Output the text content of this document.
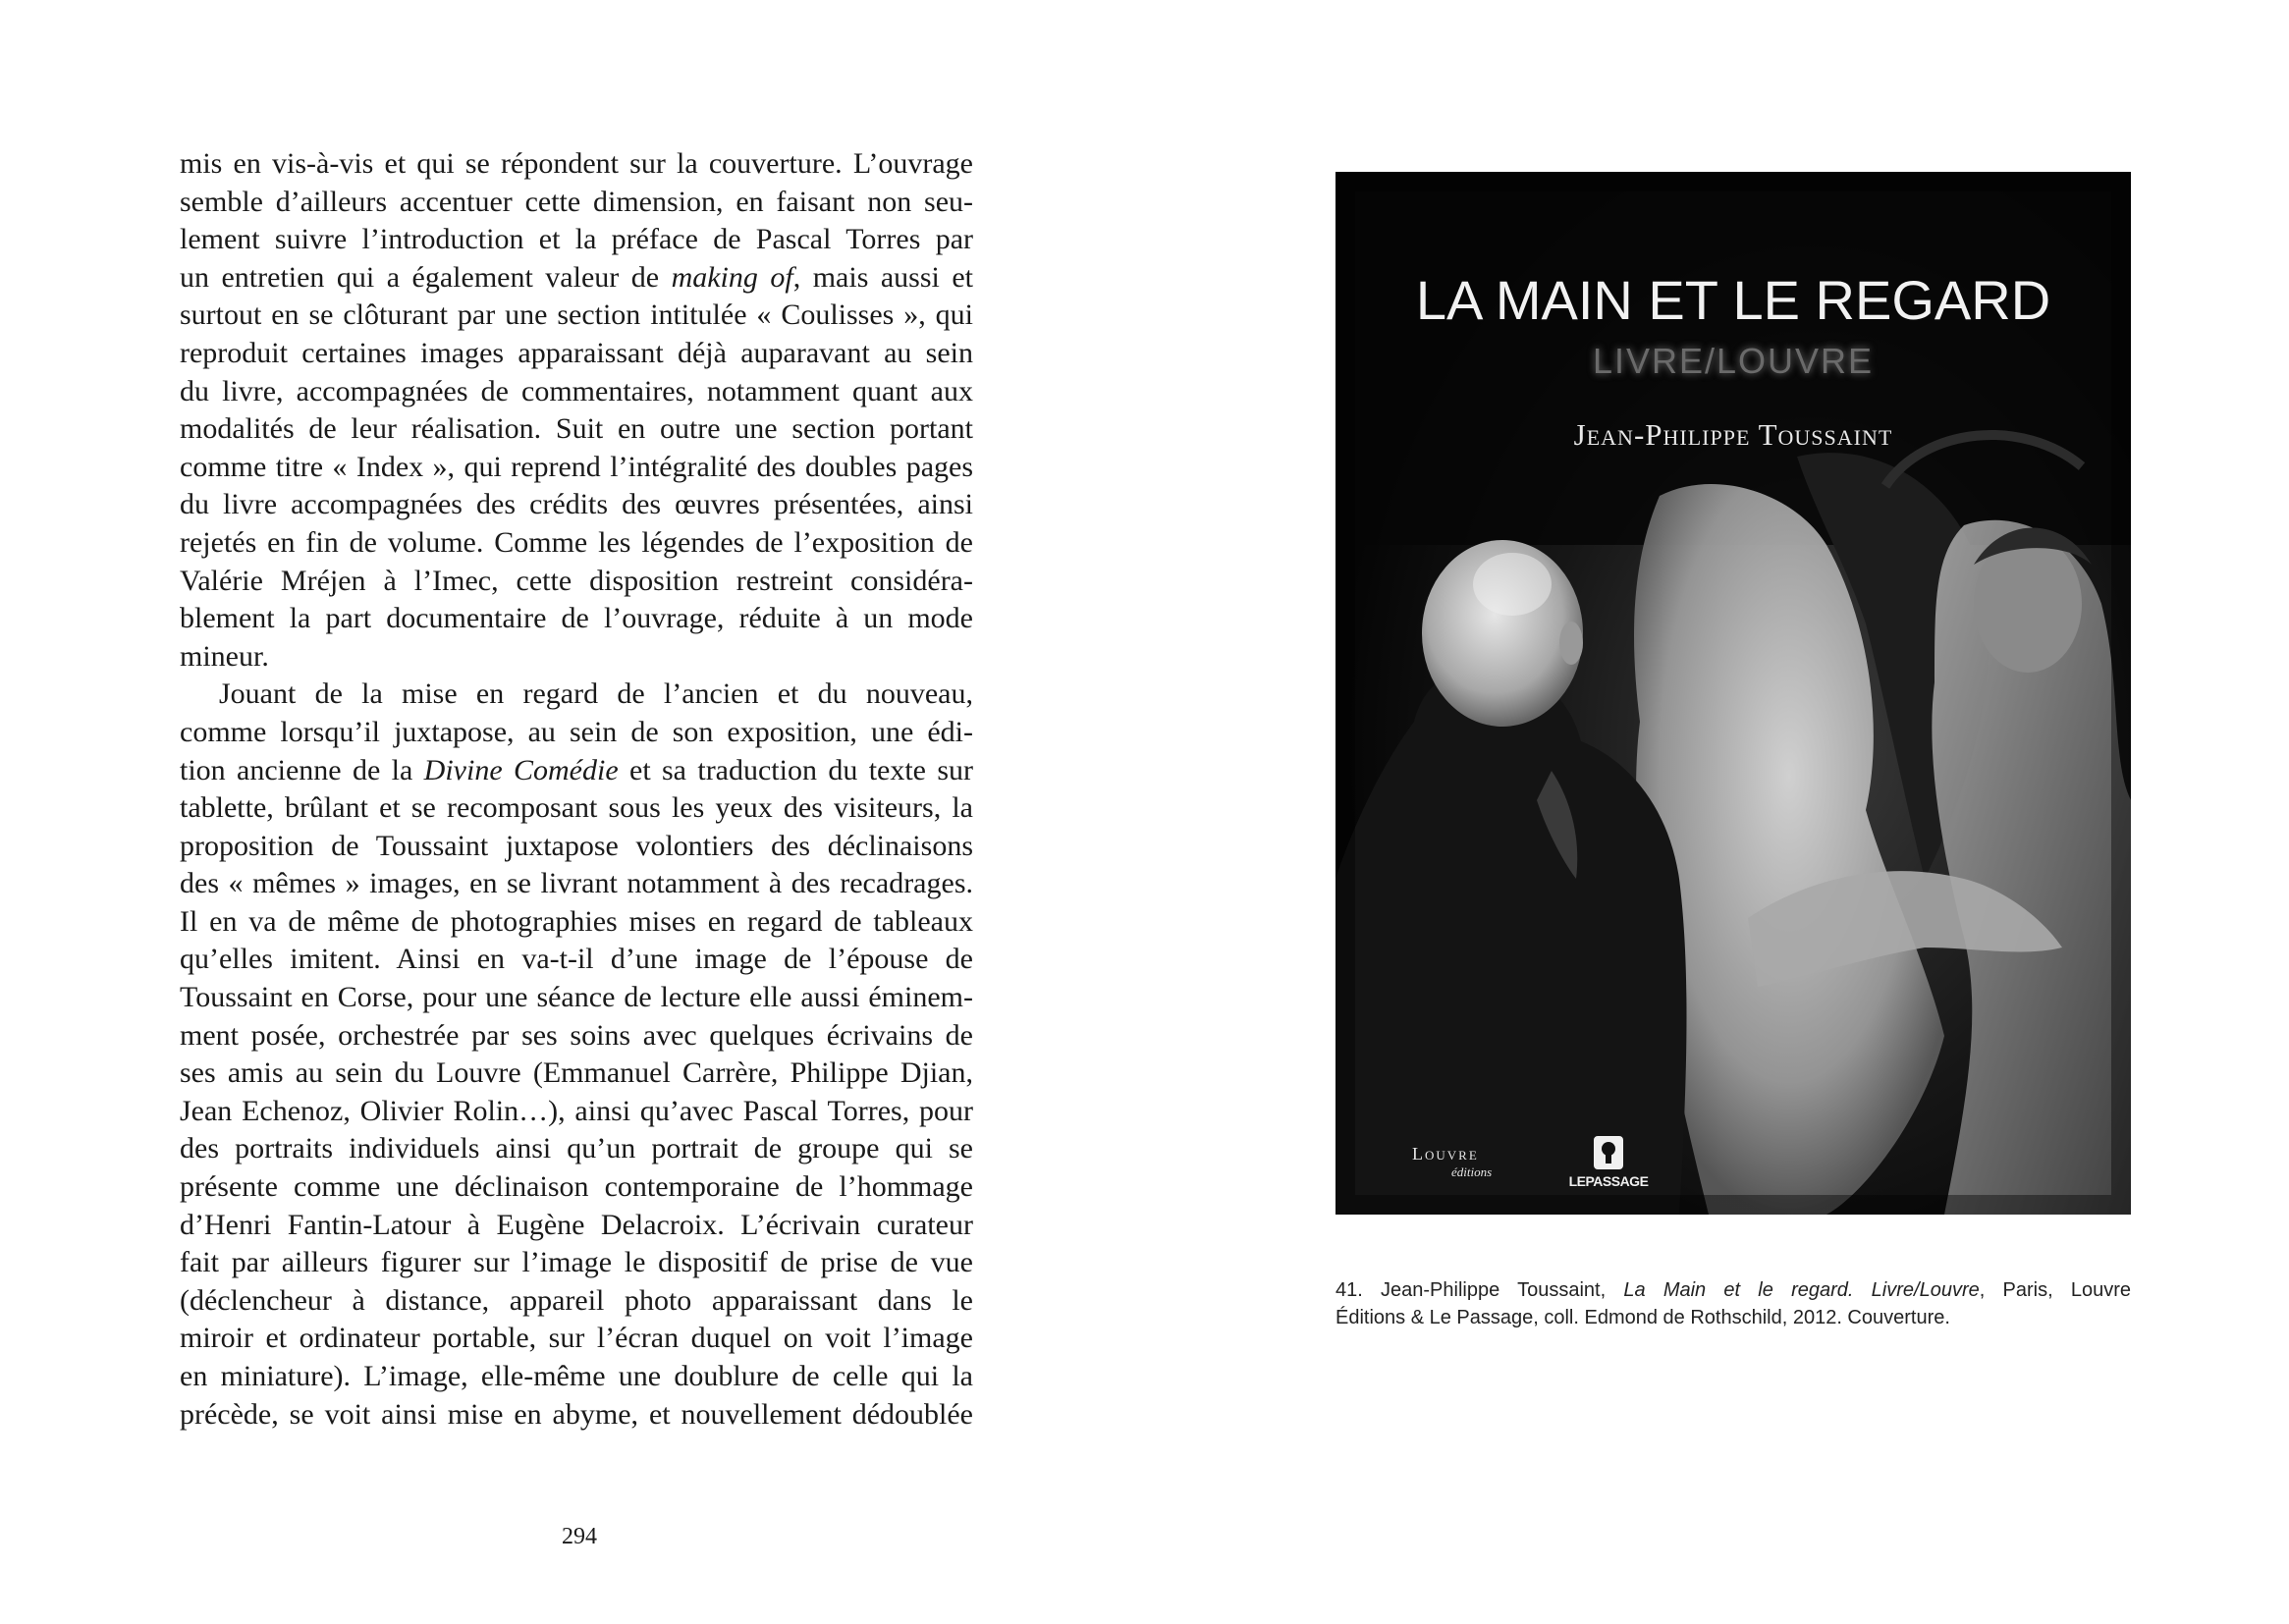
mis en vis-à-vis et qui se répondent sur la couverture. L’ouvrage
semble d’ailleurs accentuer cette dimension, en faisant non seu-
lement suivre l’introduction et la préface de Pascal Torres par
un entretien qui a également valeur de making of, mais aussi et
surtout en se clôturant par une section intitulée « Coulisses », qui
reproduit certaines images apparaissant déjà auparavant au sein
du livre, accompagnées de commentaires, notamment quant aux
modalités de leur réalisation. Suit en outre une section portant
comme titre « Index », qui reprend l’intégralité des doubles pages
du livre accompagnées des crédits des œuvres présentées, ainsi
rejetés en fin de volume. Comme les légendes de l’exposition de
Valérie Mréjen à l’Imec, cette disposition restreint considéra-
blement la part documentaire de l’ouvrage, réduite à un mode
mineur.
Jouant de la mise en regard de l’ancien et du nouveau,
comme lorsqu’il juxtapose, au sein de son exposition, une édi-
tion ancienne de la Divine Comédie et sa traduction du texte sur
tablette, brûlant et se recomposant sous les yeux des visiteurs, la
proposition de Toussaint juxtapose volontiers des déclinaisons
des « mêmes » images, en se livrant notamment à des recadrages.
Il en va de même de photographies mises en regard de tableaux
qu’elles imitent. Ainsi en va-t-il d’une image de l’épouse de
Toussaint en Corse, pour une séance de lecture elle aussi éminem-
ment posée, orchestrée par ses soins avec quelques écrivains de
ses amis au sein du Louvre (Emmanuel Carrère, Philippe Djian,
Jean Echenoz, Olivier Rolin…), ainsi qu’avec Pascal Torres, pour
des portraits individuels ainsi qu’un portrait de groupe qui se
présente comme une déclinaison contemporaine de l’hommage
d’Henri Fantin-Latour à Eugène Delacroix. L’écrivain curateur
fait par ailleurs figurer sur l’image le dispositif de prise de vue
(déclencheur à distance, appareil photo apparaissant dans le
miroir et ordinateur portable, sur l’écran duquel on voit l’image
en miniature). L’image, elle-même une doublure de celle qui la
précède, se voit ainsi mise en abyme, et nouvellement dédoublée
294
LA MAIN ET LE REGARD
LIVRE/LOUVRE
Jean-Philippe Toussaint
Louvre
éditions
LEPASSAGE
41. Jean-Philippe Toussaint, La Main et le regard. Livre/Louvre, Paris, Louvre
Éditions & Le Passage, coll. Edmond de Rothschild, 2012. Couverture.
